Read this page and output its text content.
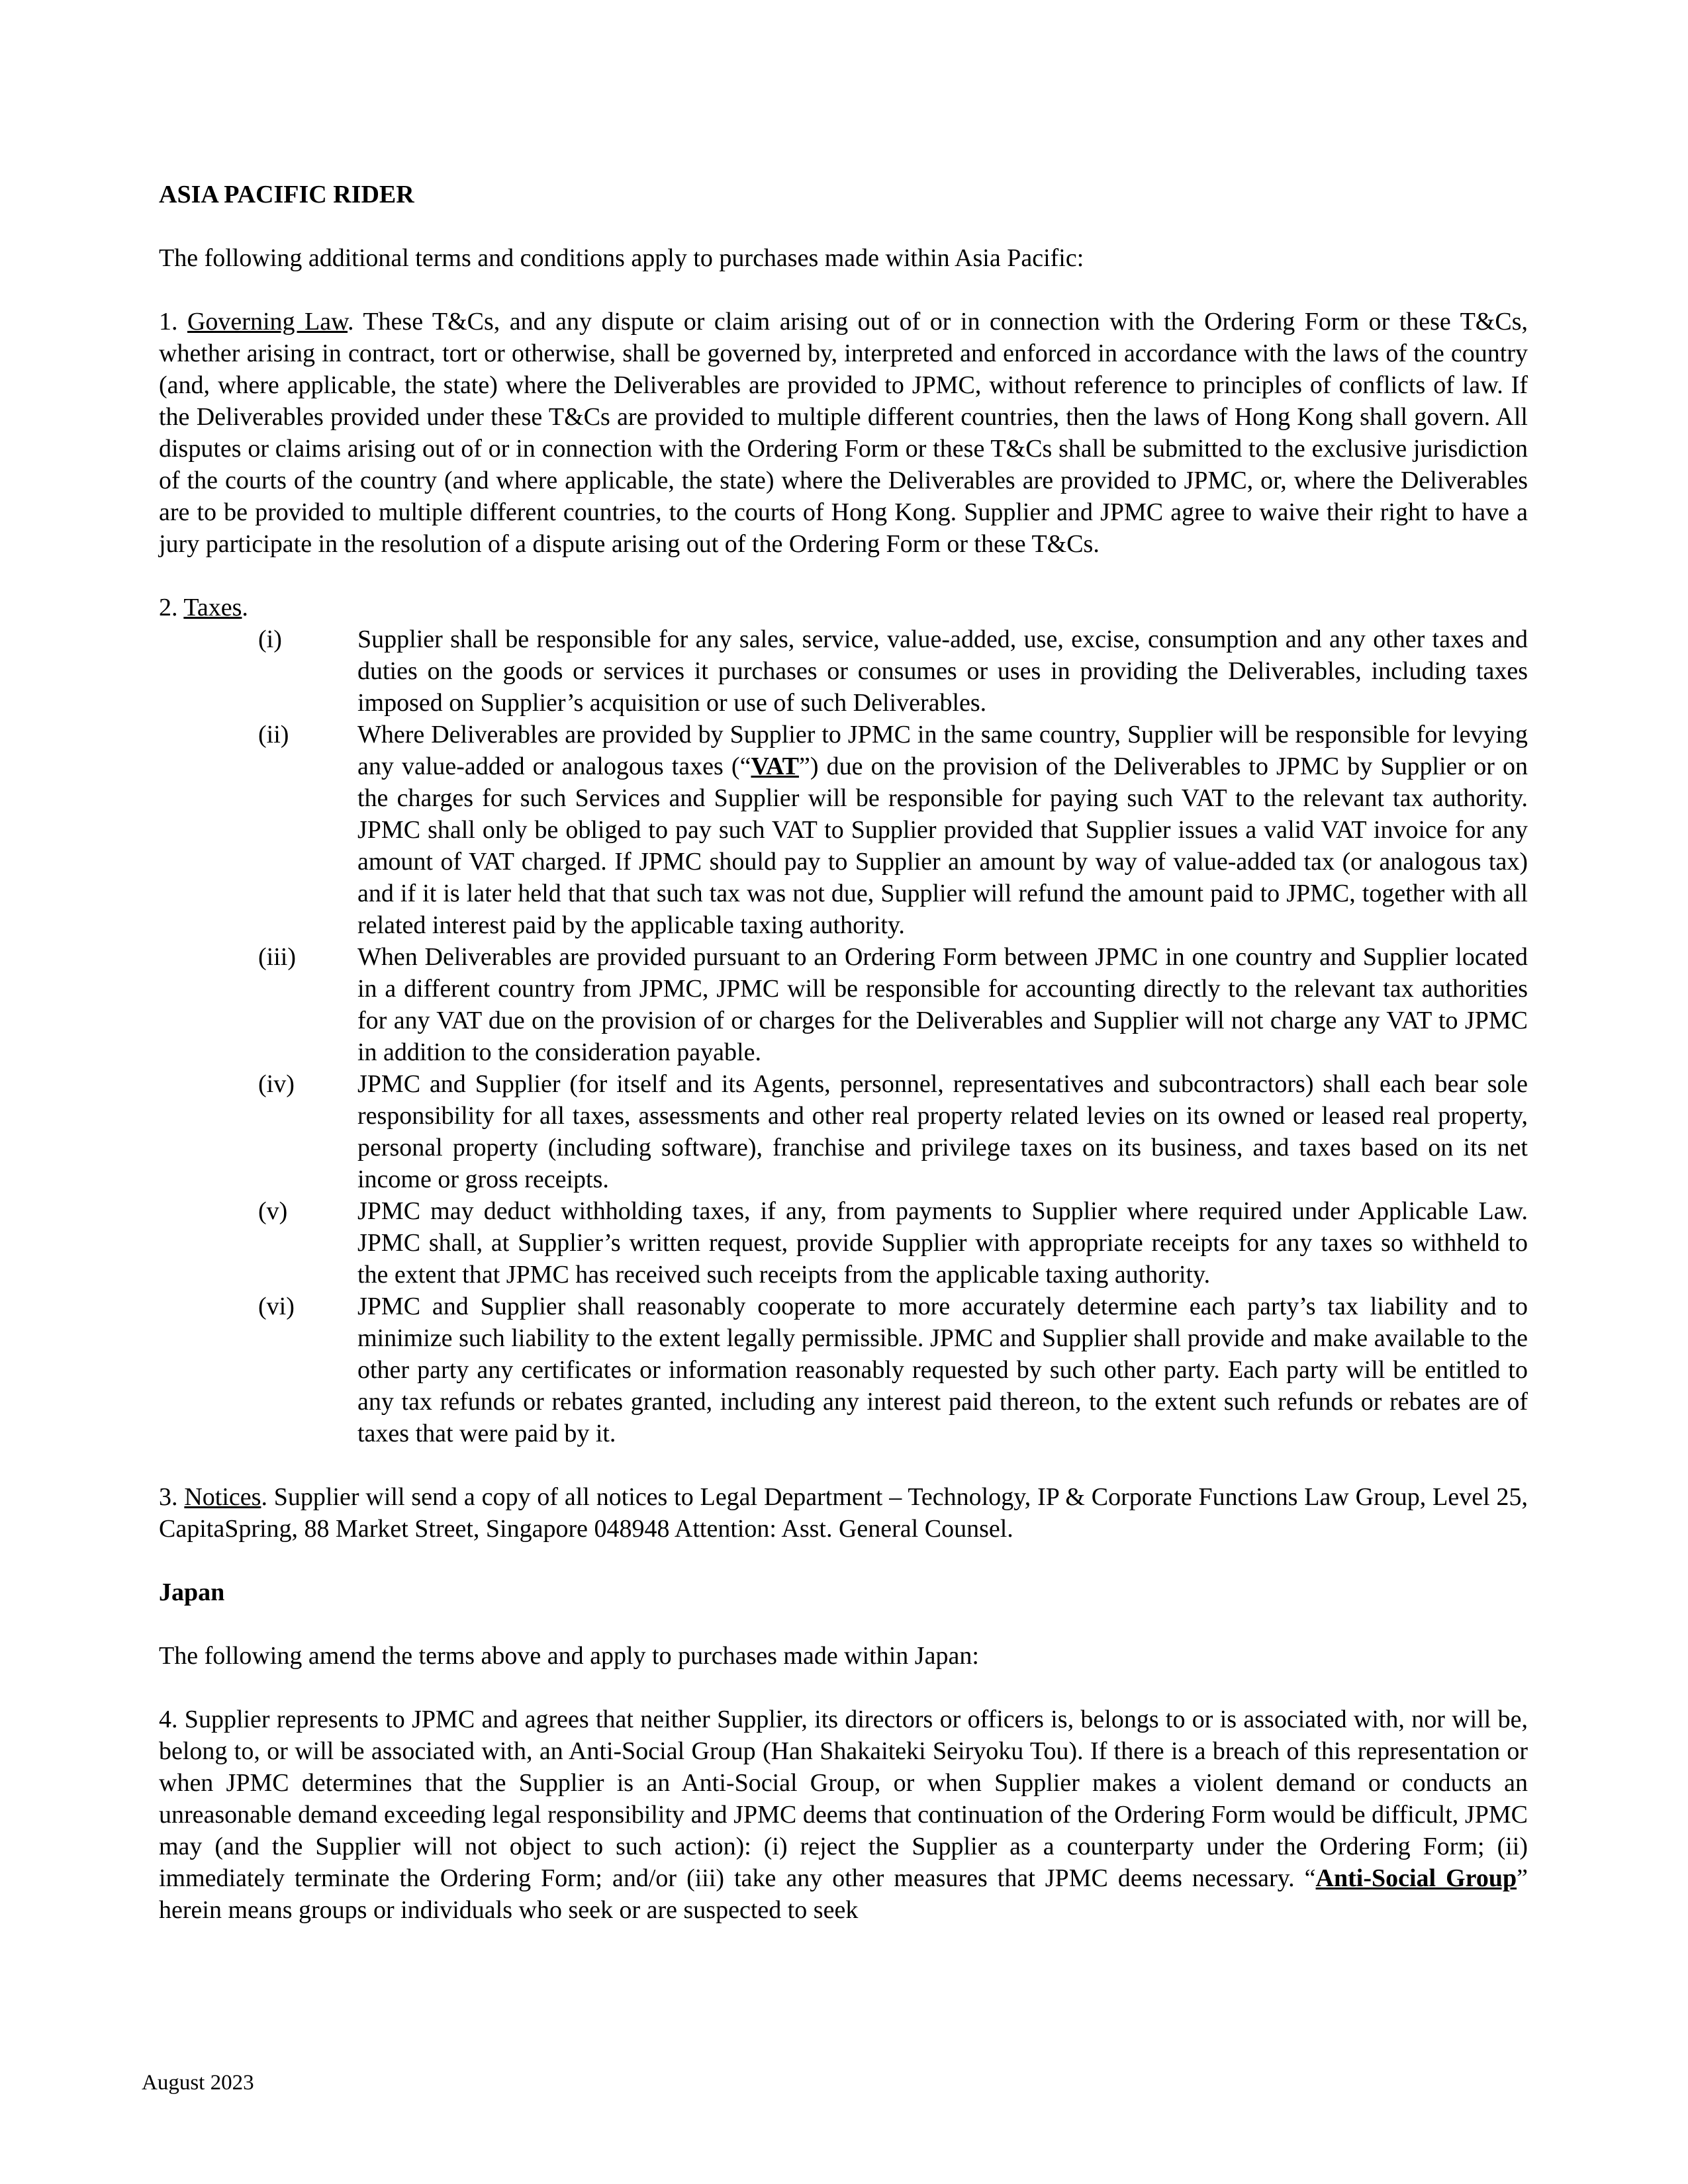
ASIA PACIFIC RIDER

The following additional terms and conditions apply to purchases made within Asia Pacific:

1. Governing Law. These T&Cs, and any dispute or claim arising out of or in connection with the Ordering Form or these T&Cs, whether arising in contract, tort or otherwise, shall be governed by, interpreted and enforced in accordance with the laws of the country (and, where applicable, the state) where the Deliverables are provided to JPMC, without reference to principles of conflicts of law. If the Deliverables provided under these T&Cs are provided to multiple different countries, then the laws of Hong Kong shall govern. All disputes or claims arising out of or in connection with the Ordering Form or these T&Cs shall be submitted to the exclusive jurisdiction of the courts of the country (and where applicable, the state) where the Deliverables are provided to JPMC, or, where the Deliverables are to be provided to multiple different countries, to the courts of Hong Kong. Supplier and JPMC agree to waive their right to have a jury participate in the resolution of a dispute arising out of the Ordering Form or these T&Cs.

2. Taxes.

(i)	Supplier shall be responsible for any sales, service, value-added, use, excise, consumption and any other taxes and duties on the goods or services it purchases or consumes or uses in providing the Deliverables, including taxes imposed on Supplier’s acquisition or use of such Deliverables.
(ii)	Where Deliverables are provided by Supplier to JPMC in the same country, Supplier will be responsible for levying any value-added or analogous taxes (“VAT”) due on the provision of the Deliverables to JPMC by Supplier or on the charges for such Services and Supplier will be responsible for paying such VAT to the relevant tax authority. JPMC shall only be obliged to pay such VAT to Supplier provided that Supplier issues a valid VAT invoice for any amount of VAT charged. If JPMC should pay to Supplier an amount by way of value-added tax (or analogous tax) and if it is later held that that such tax was not due, Supplier will refund the amount paid to JPMC, together with all related interest paid by the applicable taxing authority.
(iii) When Deliverables are provided pursuant to an Ordering Form between JPMC in one country and Supplier located in a different country from JPMC, JPMC will be responsible for accounting directly to the relevant tax authorities for any VAT due on the provision of or charges for the Deliverables and Supplier will not charge any VAT to JPMC in addition to the consideration payable.
(iv)	JPMC and Supplier (for itself and its Agents, personnel, representatives and subcontractors) shall each bear sole responsibility for all taxes, assessments and other real property related levies on its owned or leased real property, personal property (including software), franchise and privilege taxes on its business, and taxes based on its net income or gross receipts.
(v)	JPMC may deduct withholding taxes, if any, from payments to Supplier where required under Applicable Law. JPMC shall, at Supplier’s written request, provide Supplier with appropriate receipts for any taxes so withheld to the extent that JPMC has received such receipts from the applicable taxing authority.
(vi)	JPMC and Supplier shall reasonably cooperate to more accurately determine each party’s tax liability and to minimize such liability to the extent legally permissible. JPMC and Supplier shall provide and make available to the other party any certificates or information reasonably requested by such other party. Each party will be entitled to any tax refunds or rebates granted, including any interest paid thereon, to the extent such refunds or rebates are of taxes that were paid by it.

3. Notices. Supplier will send a copy of all notices to Legal Department – Technology, IP & Corporate Functions Law Group, Level 25, CapitaSpring, 88 Market Street, Singapore 048948 Attention: Asst. General Counsel.

Japan

The following amend the terms above and apply to purchases made within Japan:

4. Supplier represents to JPMC and agrees that neither Supplier, its directors or officers is, belongs to or is associated with, nor will be, belong to, or will be associated with, an Anti-Social Group (Han Shakaiteki Seiryoku Tou). If there is a breach of this representation or when JPMC determines that the Supplier is an Anti-Social Group, or when Supplier makes a violent demand or conducts an unreasonable demand exceeding legal responsibility and JPMC deems that continuation of the Ordering Form would be difficult, JPMC may (and the Supplier will not object to such action): (i) reject the Supplier as a counterparty under the Ordering Form; (ii) immediately terminate the Ordering Form; and/or (iii) take any other measures that JPMC deems necessary. “Anti-Social Group” herein means groups or individuals who seek or are suspected to seek

August 2023
